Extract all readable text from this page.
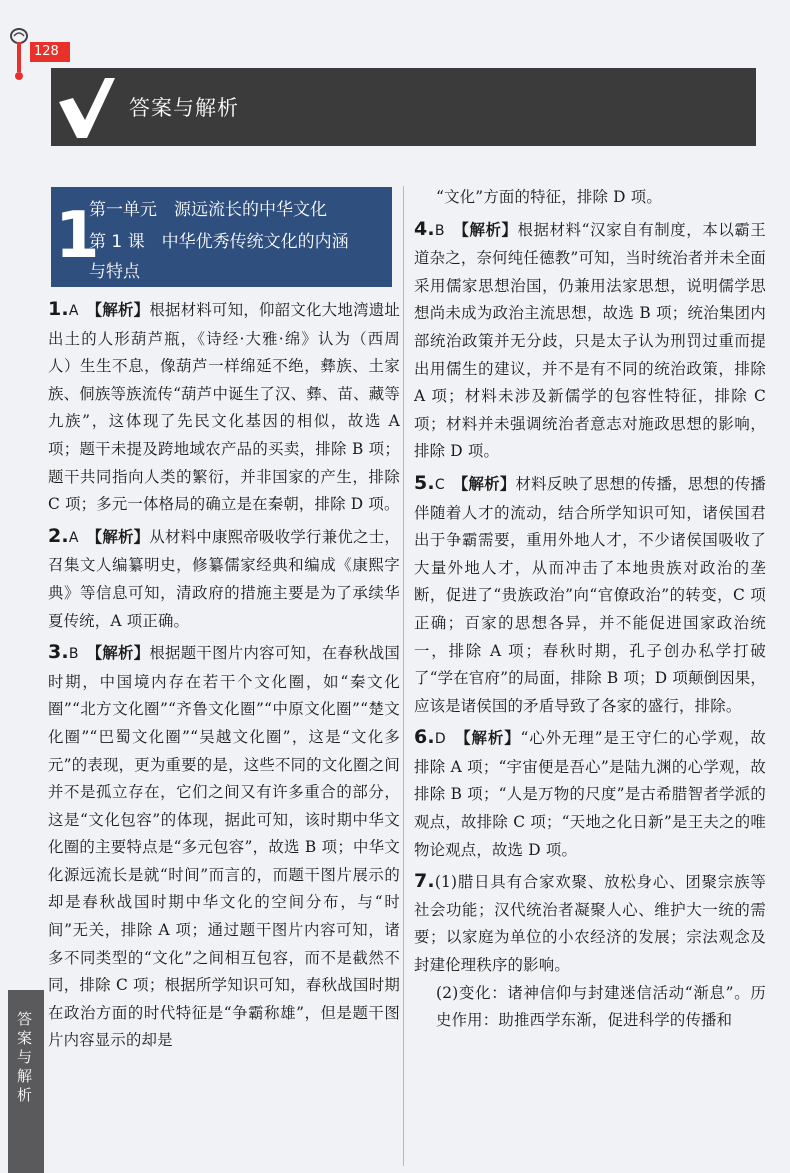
128
答案与解析
1
第一单元　源远流长的中华文化
第 1 课　中华优秀传统文化的内涵
与特点

1.A　 【解析】根据材料可知，仰韶文化大地湾遗址出土的人形葫芦瓶，《诗经·大雅·绵》认为（西周人）生生不息，像葫芦一样绵延不绝，彝族、土家族、侗族等族流传“葫芦中诞生了汉、彝、苗、藏等九族”，这体现了先民文化基因的相似，故选 A 项；题干未提及跨地域农产品的买卖，排除 B 项；题干共同指向人类的繁衍，并非国家的产生，排除 C 项；多元一体格局的确立是在秦朝，排除 D 项。

2.A　 【解析】从材料中康熙帝吸收学行兼优之士，召集文人编纂明史，修纂儒家经典和编成《康熙字典》等信息可知，清政府的措施主要是为了承续华夏传统，A 项正确。

3.B　 【解析】根据题干图片内容可知，在春秋战国时期，中国境内存在若干个文化圈，如“秦文化圈”“北方文化圈”“齐鲁文化圈”“中原文化圈”“楚文化圈”“巴蜀文化圈”“吴越文化圈”，这是“文化多元”的表现，更为重要的是，这些不同的文化圈之间并不是孤立存在，它们之间又有许多重合的部分，这是“文化包容”的体现，据此可知，该时期中华文化圈的主要特点是“多元包容”，故选 B 项；中华文化源远流长是就“时间”而言的，而题干图片展示的却是春秋战国时期中华文化的空间分布，与“时间”无关，排除 A 项；通过题干图片内容可知，诸多不同类型的“文化”之间相互包容，而不是截然不同，排除 C 项；根据所学知识可知，春秋战国时期在政治方面的时代特征是“争霸称雄”，但是题干图片内容显示的却是

“文化”方面的特征，排除 D 项。

4.B　 【解析】根据材料“汉家自有制度，本以霸王道杂之，奈何纯任德教”可知，当时统治者并未全面采用儒家思想治国，仍兼用法家思想，说明儒学思想尚未成为政治主流思想，故选 B 项；统治集团内部统治政策并无分歧，只是太子认为刑罚过重而提出用儒生的建议，并不是有不同的统治政策，排除 A 项；材料未涉及新儒学的包容性特征，排除 C 项；材料并未强调统治者意志对施政思想的影响，排除 D 项。

5.C　 【解析】材料反映了思想的传播，思想的传播伴随着人才的流动，结合所学知识可知，诸侯国君出于争霸需要，重用外地人才，不少诸侯国吸收了大量外地人才，从而冲击了本地贵族对政治的垄断，促进了“贵族政治”向“官僚政治”的转变，C 项正确；百家的思想各异，并不能促进国家政治统一，排除 A 项；春秋时期，孔子创办私学打破了“学在官府”的局面，排除 B 项；D 项颠倒因果，应该是诸侯国的矛盾导致了各家的盛行，排除。

6.D　 【解析】“心外无理”是王守仁的心学观，故排除 A 项；“宇宙便是吾心”是陆九渊的心学观，故排除 B 项；“人是万物的尺度”是古希腊智者学派的观点，故排除 C 项；“天地之化日新”是王夫之的唯物论观点，故选 D 项。

7.(1)腊日具有合家欢聚、放松身心、团聚宗族等社会功能；汉代统治者凝聚人心、维护大一统的需要；以家庭为单位的小农经济的发展；宗法观念及封建伦理秩序的影响。

(2)变化：诸神信仰与封建迷信活动“渐息”。历史作用：助推西学东渐，促进科学的传播和

答案与解析
